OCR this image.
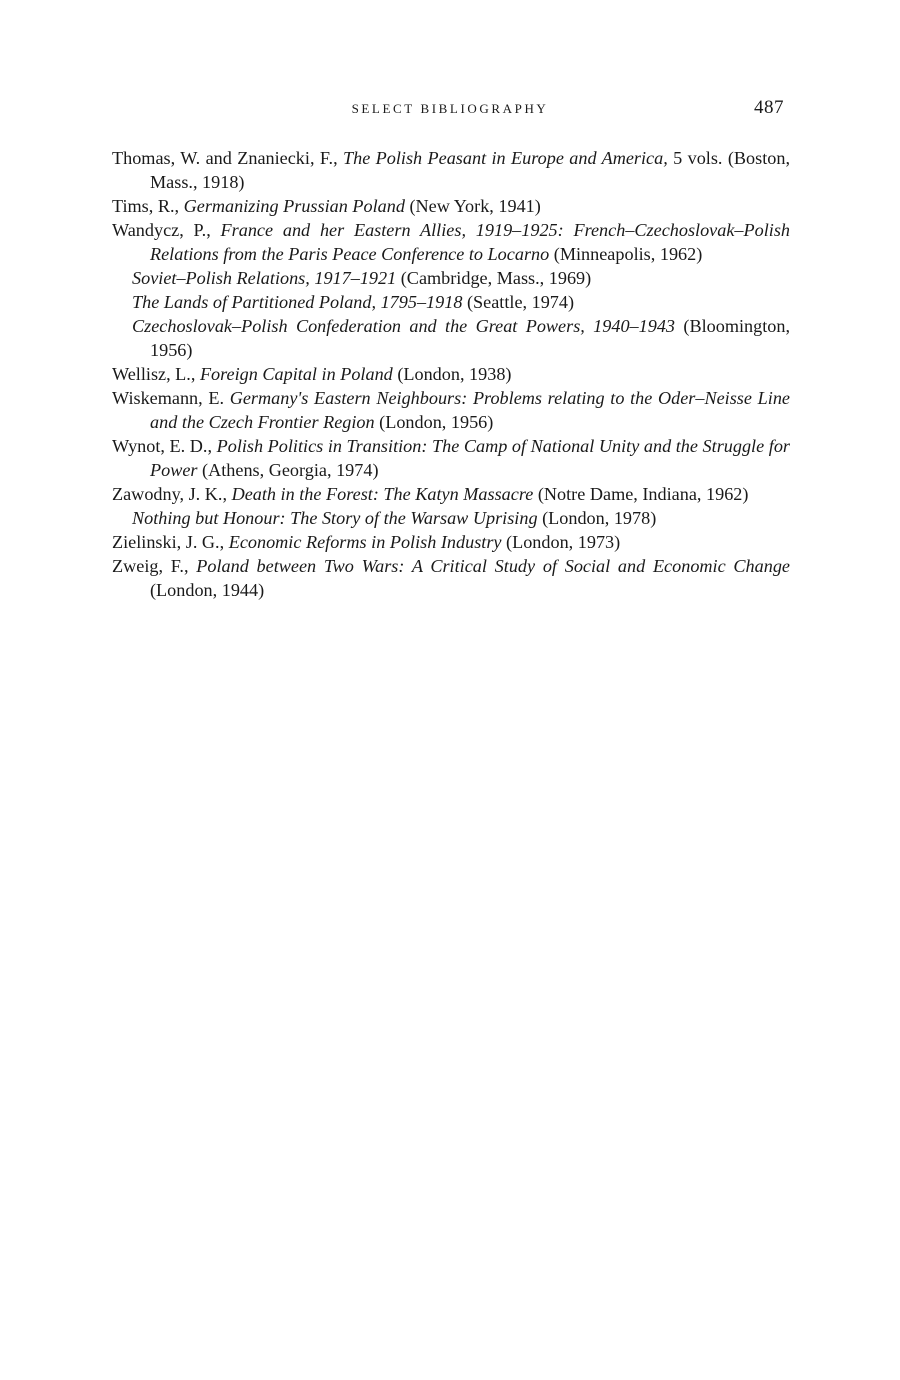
SELECT BIBLIOGRAPHY	487
Thomas, W. and Znaniecki, F., The Polish Peasant in Europe and America, 5 vols. (Boston, Mass., 1918)
Tims, R., Germanizing Prussian Poland (New York, 1941)
Wandycz, P., France and her Eastern Allies, 1919–1925: French–Czechoslovak–Polish Relations from the Paris Peace Conference to Locarno (Minneapolis, 1962)
Soviet–Polish Relations, 1917–1921 (Cambridge, Mass., 1969)
The Lands of Partitioned Poland, 1795–1918 (Seattle, 1974)
Czechoslovak–Polish Confederation and the Great Powers, 1940–1943 (Bloomington, 1956)
Wellisz, L., Foreign Capital in Poland (London, 1938)
Wiskemann, E. Germany's Eastern Neighbours: Problems relating to the Oder–Neisse Line and the Czech Frontier Region (London, 1956)
Wynot, E. D., Polish Politics in Transition: The Camp of National Unity and the Struggle for Power (Athens, Georgia, 1974)
Zawodny, J. K., Death in the Forest: The Katyn Massacre (Notre Dame, Indiana, 1962)
Nothing but Honour: The Story of the Warsaw Uprising (London, 1978)
Zielinski, J. G., Economic Reforms in Polish Industry (London, 1973)
Zweig, F., Poland between Two Wars: A Critical Study of Social and Economic Change (London, 1944)
